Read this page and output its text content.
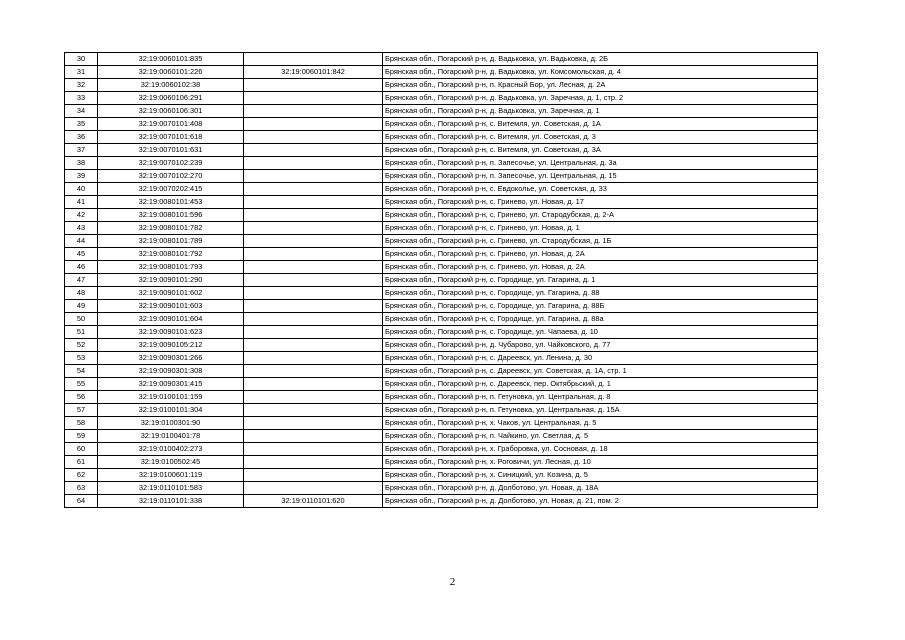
30	32:19:0060101:835		Брянская обл., Погарский р-н, д. Вадьковка, ул. Вадьковка, д. 2Б
31	32:19:0060101:226	32:19:0060101:842	Брянская обл., Погарский р-н, д. Вадьковка, ул. Комсомольская, д. 4
32	32:19:0060102:38		Брянская обл., Погарский р-н, п. Красный Бор, ул. Лесная, д. 2А
33	32:19:0060106:291		Брянская обл., Погарский р-н, д. Вадьковка, ул. Заречная, д. 1, стр. 2
34	32:19:0060106:301		Брянская обл., Погарский р-н, д. Вадьковка, ул. Заречная, д. 1
35	32:19:0070101:408		Брянская обл., Погарский р-н, с. Витемля, ул. Советская, д. 1А
36	32:19:0070101:618		Брянская обл., Погарский р-н, с. Витемля, ул. Советская, д. 3
37	32:19:0070101:631		Брянская обл., Погарский р-н, с. Витемля, ул. Советская, д. 3А
38	32:19:0070102:239		Брянская обл., Погарский р-н, п. Запесочье, ул. Центральная, д. 3а
39	32:19:0070102:270		Брянская обл., Погарский р-н, п. Запесочье, ул. Центральная, д. 15
40	32:19:0070202:415		Брянская обл., Погарский р-н, с. Евдоколье, ул. Советская, д. 33
41	32:19:0080101:453		Брянская обл., Погарский р-н, с. Гринево, ул. Новая, д. 17
42	32:19:0080101:596		Брянская обл., Погарский р-н, с. Гринево, ул. Стародубская, д. 2-А
43	32:19:0080101:782		Брянская обл., Погарский р-н, с. Гринево, ул. Новая, д. 1
44	32:19:0080101:789		Брянская обл., Погарский р-н, с. Гринево, ул. Стародубская, д. 1Б
45	32:19:0080101:792		Брянская обл., Погарский р-н, с. Гринево, ул. Новая, д. 2А
46	32:19:0080101:793		Брянская обл., Погарский р-н, с. Гринево, ул. Новая, д. 2А
47	32:19:0090101:290		Брянская обл., Погарский р-н, с. Городище, ул. Гагарина, д. 1
48	32:19:0090101:602		Брянская обл., Погарский р-н, с. Городище, ул. Гагарина, д. 88
49	32:19:0090101:603		Брянская обл., Погарский р-н, с. Городище, ул. Гагарина, д. 88Б
50	32:19:0090101:604		Брянская обл., Погарский р-н, с. Городище, ул. Гагарина, д. 88а
51	32:19:0090101:623		Брянская обл., Погарский р-н, с. Городище, ул. Чапаева, д. 10
52	32:19:0090105:212		Брянская обл., Погарский р-н, д. Чубарово, ул. Чайковского, д. 77
53	32:19:0090301:266		Брянская обл., Погарский р-н, с. Дареевск, ул. Ленина, д. 30
54	32:19:0090301:308		Брянская обл., Погарский р-н, с. Дареевск, ул. Советская, д. 1А, стр. 1
55	32:19:0090301:415		Брянская обл., Погарский р-н, с. Дареевск, пер. Октябрьский, д. 1
56	32:19:0100101:159		Брянская обл., Погарский р-н, п. Гетуновка, ул. Центральная, д. 8
57	32:19:0100101:304		Брянская обл., Погарский р-н, п. Гетуновка, ул. Центральная, д. 15А
58	32:19:0100301:90		Брянская обл., Погарский р-н, х. Чаков, ул. Центральная, д. 5
59	32:19:0100401:78		Брянская обл., Погарский р-н, п. Чайкино, ул. Светлая, д. 5
60	32:19:0100402:273		Брянская обл., Погарский р-н, х. Граборовка, ул. Сосновая, д. 18
61	32:19:0100502:45		Брянская обл., Погарский р-н, х. Роговичи, ул. Лесная, д. 10
62	32:19:0100601:119		Брянская обл., Погарский р-н, х. Синицкий, ул. Козина, д. 5
63	32:19:0110101:583		Брянская обл., Погарский р-н, д. Долботово, ул. Новая, д. 18А
64	32:19:0110101:338	32:19:0110101:620	Брянская обл., Погарский р-н, д. Долботово, ул. Новая, д. 21, пом. 2
2
